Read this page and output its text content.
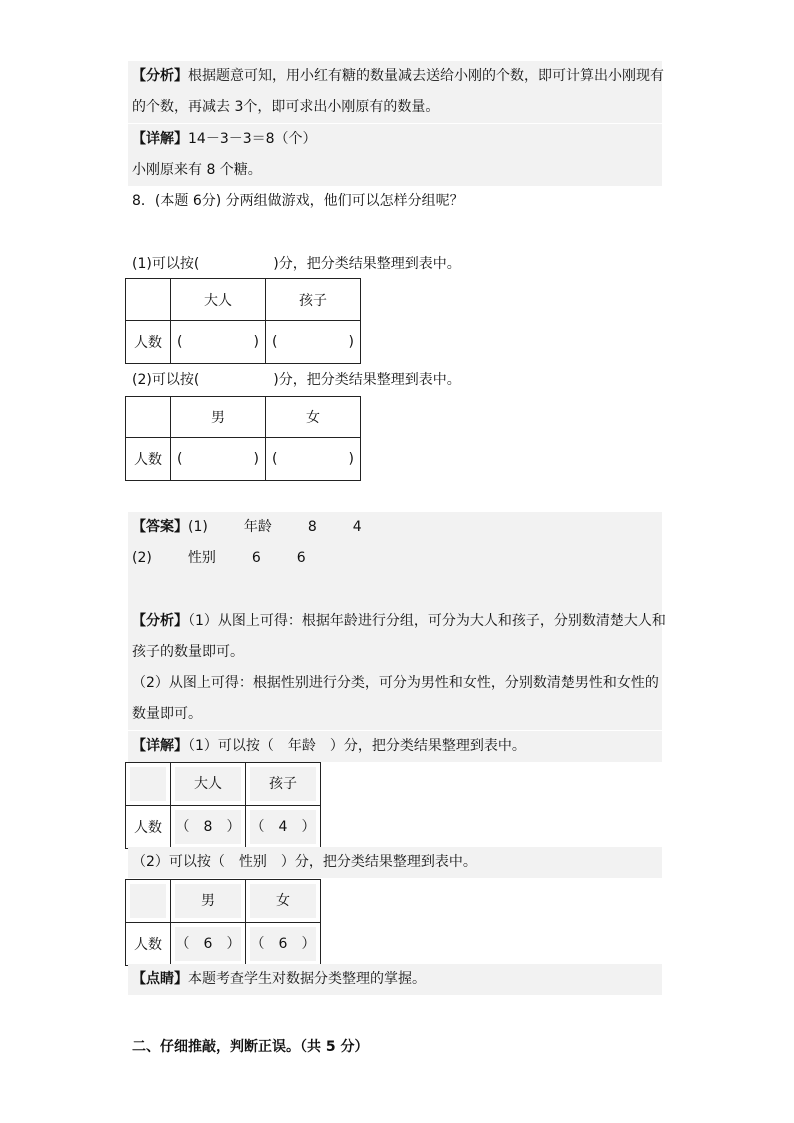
【分析】根据题意可知，用小红有糖的数量减去送给小刚的个数，即可计算出小刚现有
的个数，再减去 3个，即可求出小刚原有的数量。
【详解】14－3－3＝8（个）
小刚原来有 8 个糖。
8．(本题 6分) 分两组做游戏，他们可以怎样分组呢？
(1)可以按(	)分，把分类结果整理到表中。
	大人	孩子
人数	( )	( )
(2)可以按(	)分，把分类结果整理到表中。
	男	女
人数	( )	( )
【答案】(1)	年龄	8	4
(2)	性别	6	6
【分析】（1）从图上可得：根据年龄进行分组，可分为大人和孩子，分别数清楚大人和
孩子的数量即可。
（2）从图上可得：根据性别进行分类，可分为男性和女性，分别数清楚男性和女性的
数量即可。
【详解】（1）可以按（　年龄　）分，把分类结果整理到表中。

	大人	孩子

人数	（　8　）	（　4　）
（2）可以按（　性别　）分，把分类结果整理到表中。

	男	女

人数	（　6　）	（　6　）
【点睛】本题考查学生对数据分类整理的掌握。
二、仔细推敲，判断正误。（共 5 分）
